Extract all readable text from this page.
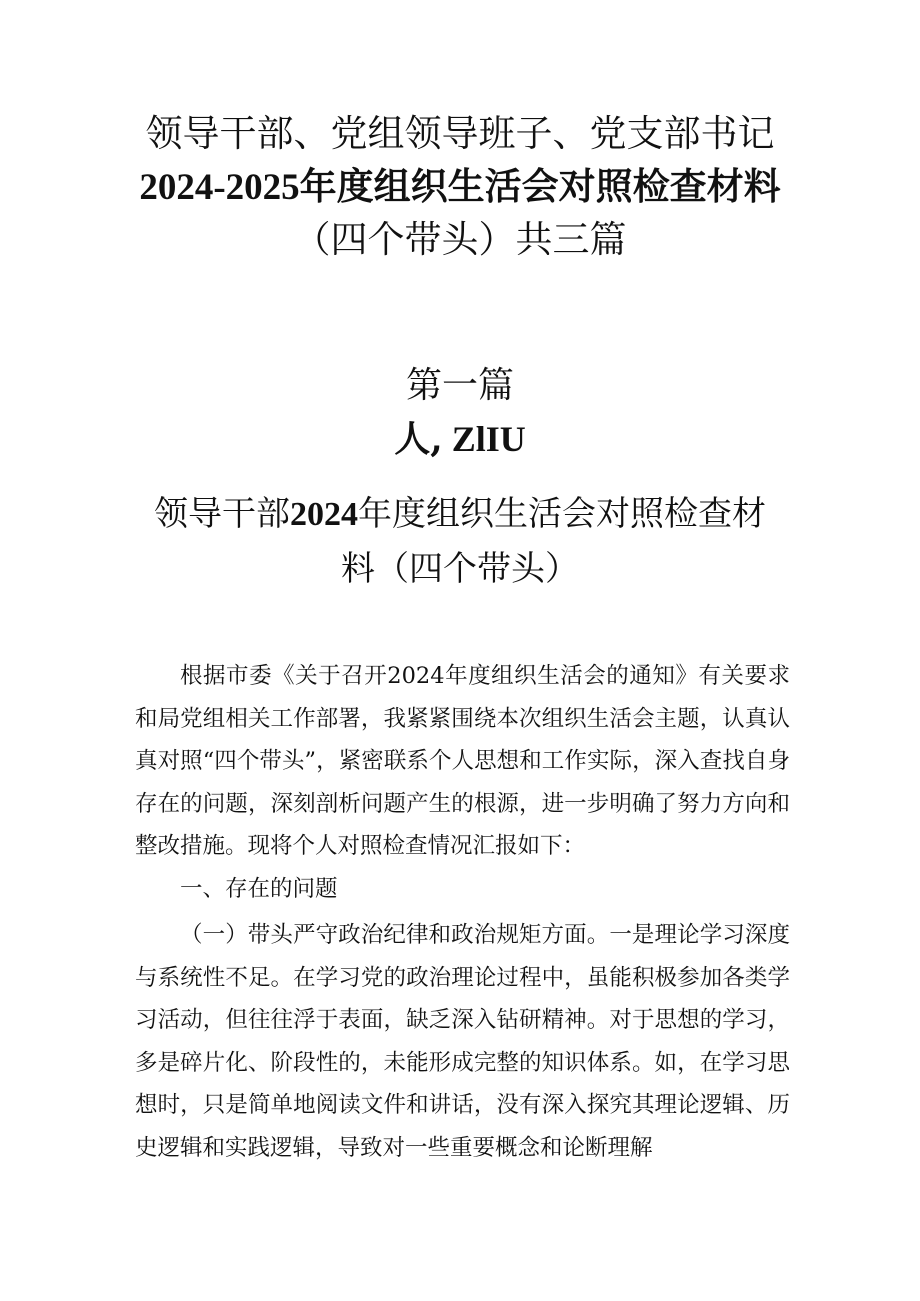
领导干部、党组领导班子、党支部书记
2024-2025年度组织生活会对照检查材料
（四个带头）共三篇
第一篇
人, ZlIU
领导干部2024年度组织生活会对照检查材
料（四个带头）

根据市委《关于召开2024年度组织生活会的通知》有关要求和局党组相关工作部署，我紧紧围绕本次组织生活会主题，认真认真对照“四个带头”，紧密联系个人思想和工作实际，深入查找自身存在的问题，深刻剖析问题产生的根源，进一步明确了努力方向和整改措施。现将个人对照检查情况汇报如下：

一、存在的问题

（一）带头严守政治纪律和政治规矩方面。一是理论学习深度与系统性不足。在学习党的政治理论过程中，虽能积极参加各类学习活动，但往往浮于表面，缺乏深入钻研精神。对于思想的学习，多是碎片化、阶段性的，未能形成完整的知识体系。如，在学习思想时，只是简单地阅读文件和讲话，没有深入探究其理论逻辑、历史逻辑和实践逻辑，导致对一些重要概念和论断理解
